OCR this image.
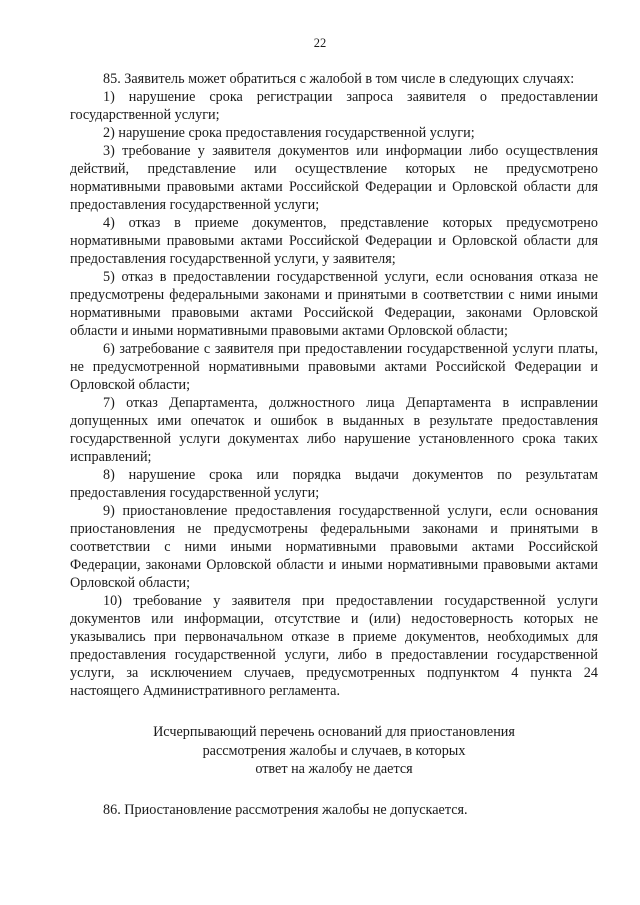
22

85. Заявитель может обратиться с жалобой в том числе в следующих случаях:

1) нарушение срока регистрации запроса заявителя о предоставлении государственной услуги;

2) нарушение срока предоставления государственной услуги;

3) требование у заявителя документов или информации либо осуществления действий, представление или осуществление которых не предусмотрено нормативными правовыми актами Российской Федерации и Орловской области для предоставления государственной услуги;

4) отказ в приеме документов, представление которых предусмотрено нормативными правовыми актами Российской Федерации и Орловской области для предоставления государственной услуги, у заявителя;

5) отказ в предоставлении государственной услуги, если основания отказа не предусмотрены федеральными законами и принятыми в соответствии с ними иными нормативными правовыми актами Российской Федерации, законами Орловской области и иными нормативными правовыми актами Орловской области;

6) затребование с заявителя при предоставлении государственной услуги платы, не предусмотренной нормативными правовыми актами Российской Федерации и Орловской области;

7) отказ Департамента, должностного лица Департамента в исправлении допущенных ими опечаток и ошибок в выданных в результате предоставления государственной услуги документах либо нарушение установленного срока таких исправлений;

8) нарушение срока или порядка выдачи документов по результатам предоставления государственной услуги;

9) приостановление предоставления государственной услуги, если основания приостановления не предусмотрены федеральными законами и принятыми в соответствии с ними иными нормативными правовыми актами Российской Федерации, законами Орловской области и иными нормативными правовыми актами Орловской области;

10) требование у заявителя при предоставлении государственной услуги документов или информации, отсутствие и (или) недостоверность которых не указывались при первоначальном отказе в приеме документов, необходимых для предоставления государственной услуги, либо в предоставлении государственной услуги, за исключением случаев, предусмотренных подпунктом 4 пункта 24 настоящего Административного регламента.

Исчерпывающий перечень оснований для приостановления
рассмотрения жалобы и случаев, в которых
ответ на жалобу не дается

86. Приостановление рассмотрения жалобы не допускается.
